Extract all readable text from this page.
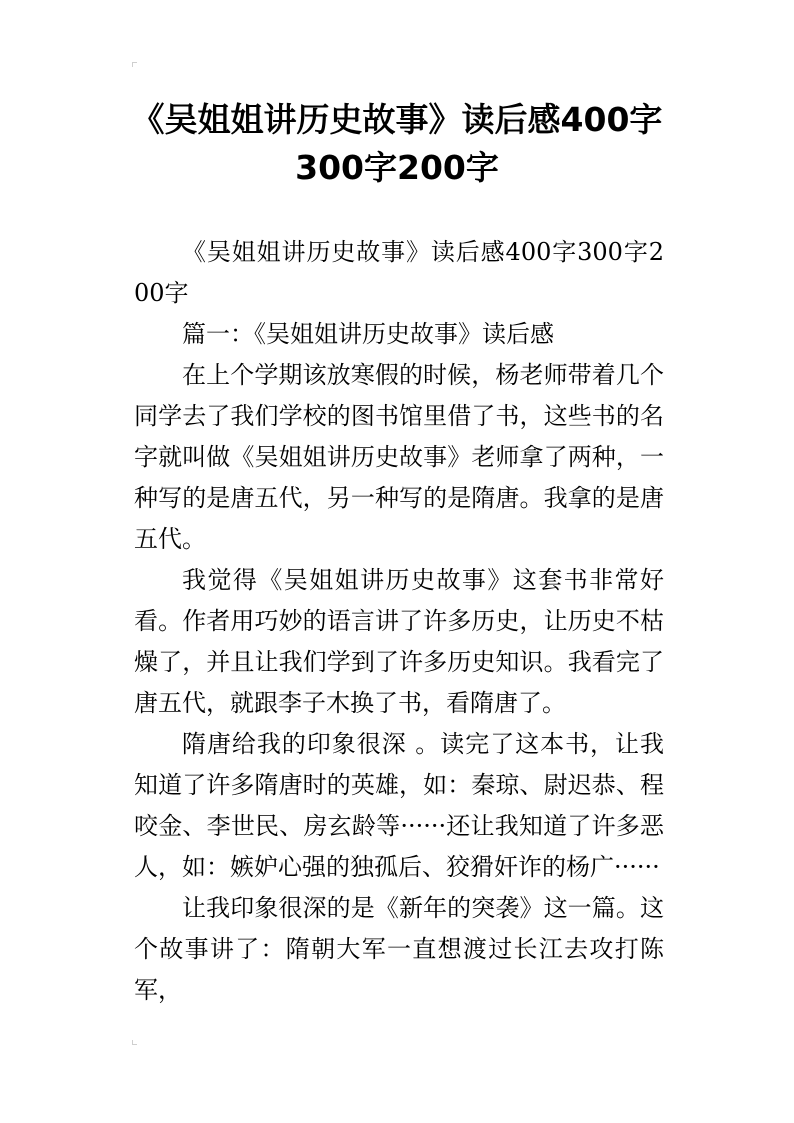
《吴姐姐讲历史故事》读后感400字
300字200字

《吴姐姐讲历史故事》读后感400字300字200字

篇一：《吴姐姐讲历史故事》读后感

在上个学期该放寒假的时候，杨老师带着几个同学去了我们学校的图书馆里借了书，这些书的名字就叫做《吴姐姐讲历史故事》老师拿了两种，一种写的是唐五代，另一种写的是隋唐。我拿的是唐五代。

我觉得《吴姐姐讲历史故事》这套书非常好看。作者用巧妙的语言讲了许多历史，让历史不枯燥了，并且让我们学到了许多历史知识。我看完了唐五代，就跟李子木换了书，看隋唐了。

隋唐给我的印象很深 。读完了这本书，让我知道了许多隋唐时的英雄，如：秦琼、尉迟恭、程咬金、李世民、房玄龄等······还让我知道了许多恶人，如：嫉妒心强的独孤后、狡猾奸诈的杨广······

让我印象很深的是《新年的突袭》这一篇。这个故事讲了：隋朝大军一直想渡过长江去攻打陈军，
